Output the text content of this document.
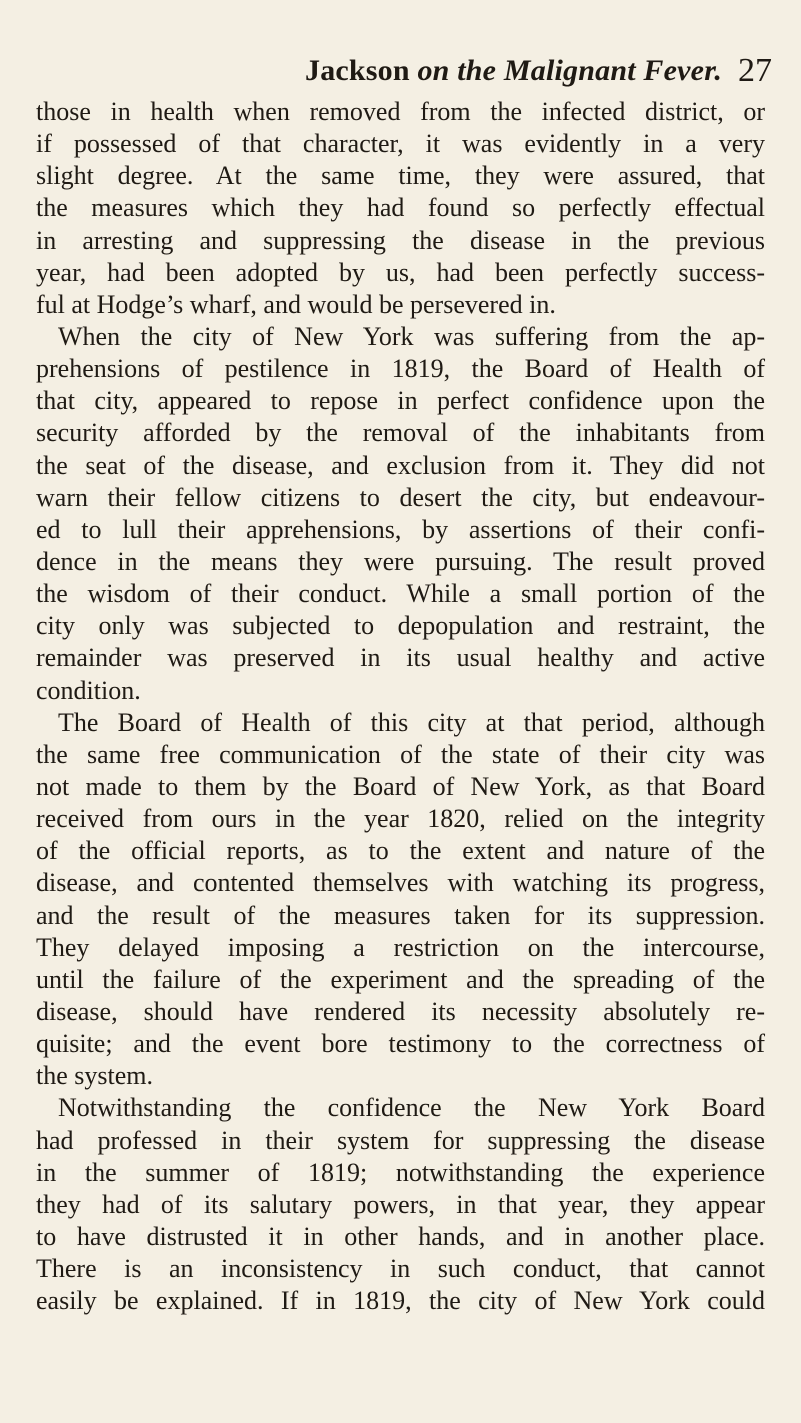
Jackson on the Malignant Fever. 27
those in health when removed from the infected district, or
if possessed of that character, it was evidently in a very
slight degree. At the same time, they were assured, that
the measures which they had found so perfectly effectual
in arresting and suppressing the disease in the previous
year, had been adopted by us, had been perfectly success-
ful at Hodge’s wharf, and would be persevered in.
When the city of New York was suffering from the ap-
prehensions of pestilence in 1819, the Board of Health of
that city, appeared to repose in perfect confidence upon the
security afforded by the removal of the inhabitants from
the seat of the disease, and exclusion from it. They did not
warn their fellow citizens to desert the city, but endeavour-
ed to lull their apprehensions, by assertions of their confi-
dence in the means they were pursuing. The result proved
the wisdom of their conduct. While a small portion of the
city only was subjected to depopulation and restraint, the
remainder was preserved in its usual healthy and active
condition.
The Board of Health of this city at that period, although
the same free communication of the state of their city was
not made to them by the Board of New York, as that Board
received from ours in the year 1820, relied on the integrity
of the official reports, as to the extent and nature of the
disease, and contented themselves with watching its progress,
and the result of the measures taken for its suppression.
They delayed imposing a restriction on the intercourse,
until the failure of the experiment and the spreading of the
disease, should have rendered its necessity absolutely re-
quisite; and the event bore testimony to the correctness of
the system.
Notwithstanding the confidence the New York Board
had professed in their system for suppressing the disease
in the summer of 1819; notwithstanding the experience
they had of its salutary powers, in that year, they appear
to have distrusted it in other hands, and in another place.
There is an inconsistency in such conduct, that cannot
easily be explained. If in 1819, the city of New York could
